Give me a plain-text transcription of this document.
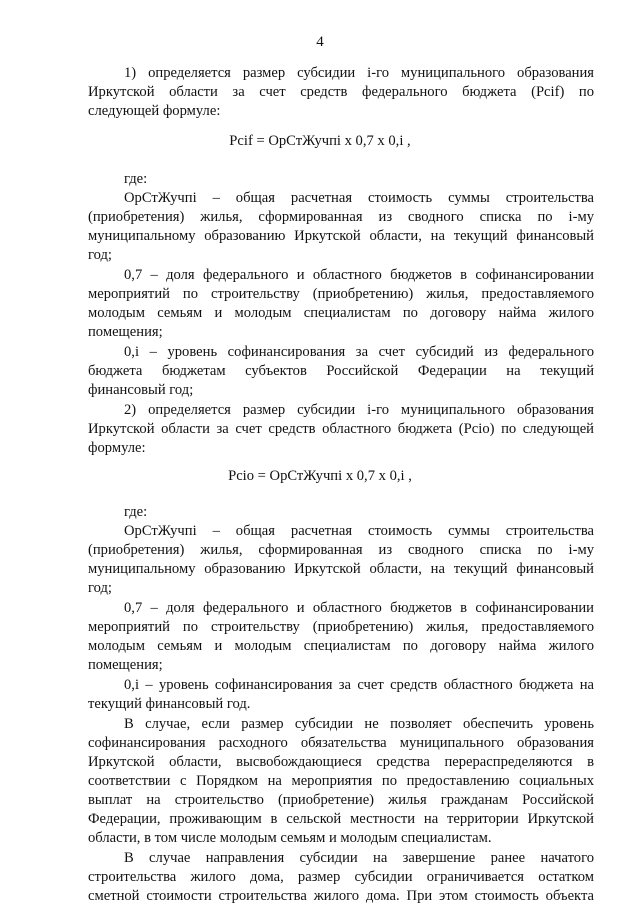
4
1) определяется размер субсидии i-го муниципального образования
Иркутской области за счет средств федерального бюджета (Pcif) по
следующей формуле:
Pcif = ОрСтЖучпi x 0,7 x 0,i ,
где:
ОрСтЖучпi – общая расчетная стоимость суммы строительства
(приобретения) жилья, сформированная из сводного списка по i-му
муниципальному образованию Иркутской области, на текущий финансовый
год;
0,7 – доля федерального и областного бюджетов в софинансировании
мероприятий по строительству (приобретению) жилья, предоставляемого
молодым семьям и молодым специалистам по договору найма жилого
помещения;
0,i – уровень софинансирования за счет субсидий из федерального
бюджета бюджетам субъектов Российской Федерации на текущий
финансовый год;
2) определяется размер субсидии i-го муниципального образования
Иркутской области за счет средств областного бюджета (Pcio) по следующей
формуле:
Pcio = ОрСтЖучпi x 0,7 x 0,i ,
где:
ОрСтЖучпi – общая расчетная стоимость суммы строительства
(приобретения) жилья, сформированная из сводного списка по i-му
муниципальному образованию Иркутской области, на текущий финансовый
год;
0,7 – доля федерального и областного бюджетов в софинансировании
мероприятий по строительству (приобретению) жилья, предоставляемого
молодым семьям и молодым специалистам по договору найма жилого
помещения;
0,i – уровень софинансирования за счет средств областного бюджета на
текущий финансовый год.
В случае, если размер субсидии не позволяет обеспечить уровень
софинансирования расходного обязательства муниципального образования
Иркутской области, высвобождающиеся средства перераспределяются в
соответствии с Порядком на мероприятия по предоставлению социальных
выплат на строительство (приобретение) жилья гражданам Российской
Федерации, проживающим в сельской местности на территории Иркутской
области, в том числе молодым семьям и молодым специалистам.
В случае направления субсидии на завершение ранее начатого
строительства жилого дома, размер субсидии ограничивается остатком
сметной стоимости строительства жилого дома. При этом стоимость объекта
